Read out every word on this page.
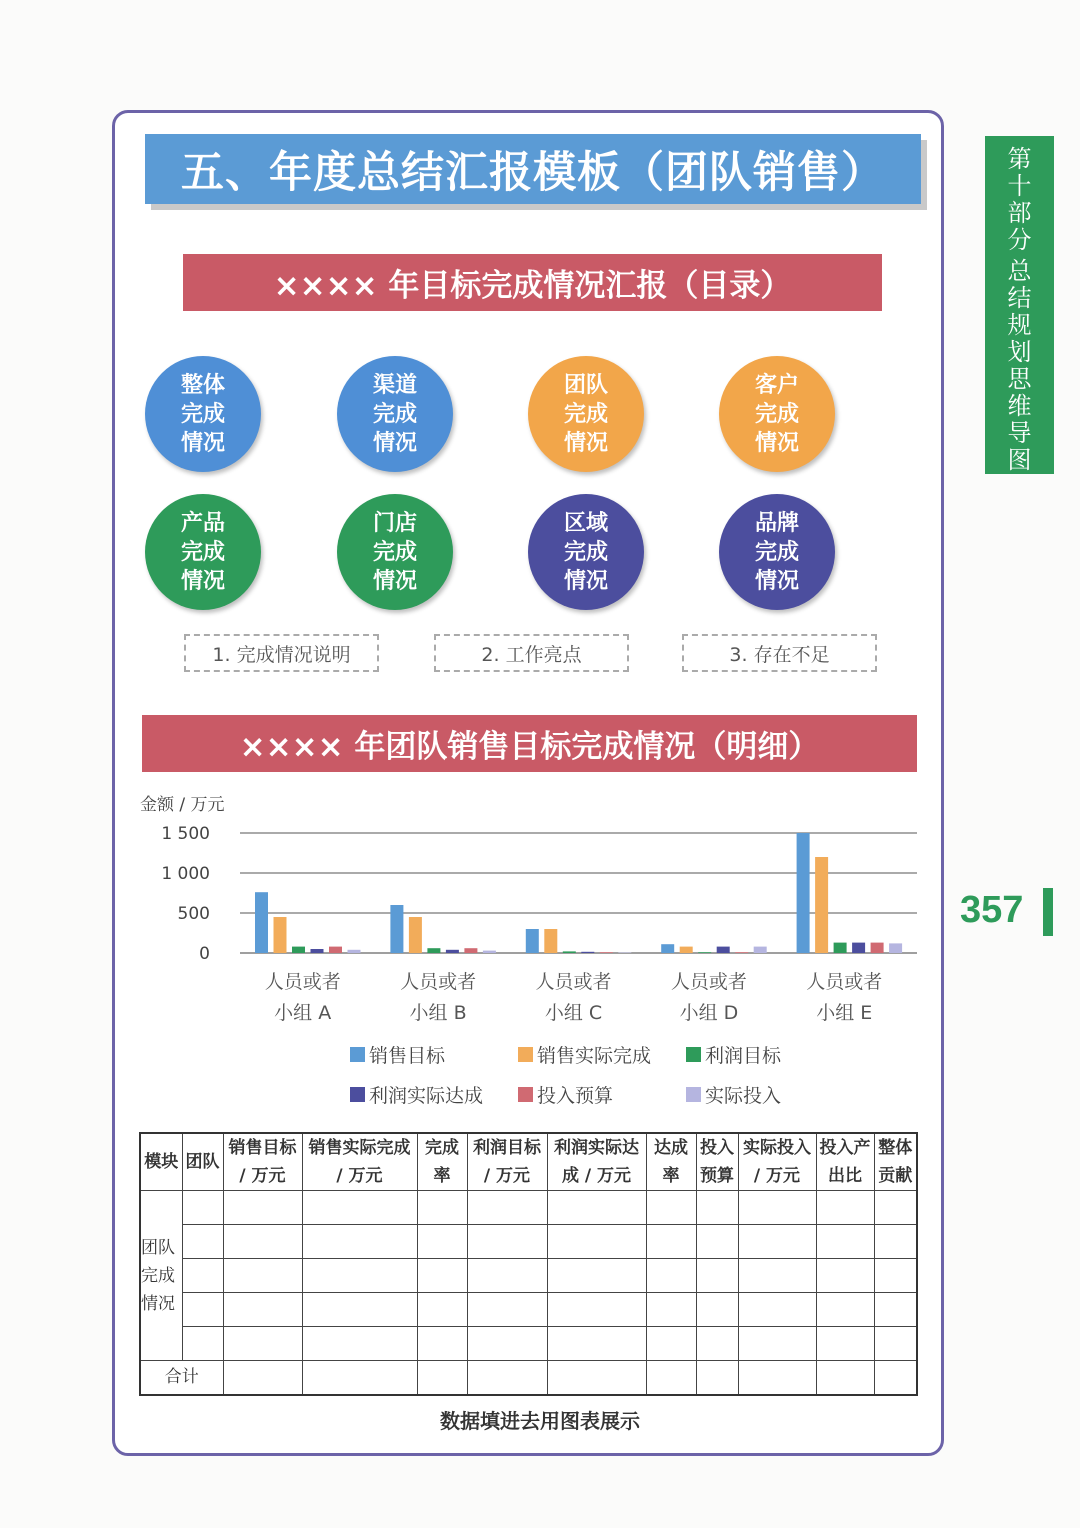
五、年度总结汇报模板（团队销售）
×××× 年目标完成情况汇报（目录）
整体完成情况
渠道完成情况
团队完成情况
客户完成情况
产品完成情况
门店完成情况
区域完成情况
品牌完成情况
1. 完成情况说明	2. 工作亮点	3. 存在不足
×××× 年团队销售目标完成情况（明细）
金额 / 万元
1 500
1 000
500
0
人员或者
小组 A
人员或者
小组 B
人员或者
小组 C
人员或者
小组 D
人员或者
小组 E
销售目标	销售实际完成	利润目标
利润实际达成	投入预算	实际投入
模块	团队	销售目标 / 万元	销售实际完成 / 万元	完成率	利润目标 / 万元	利润实际达成 / 万元	达成率	投入预算	实际投入 / 万元	投入产出比	整体贡献
团队完成情况											

合计											
数据填进去用图表展示
第
十
部
分
总
结
规
划
思
维
导
图
357
